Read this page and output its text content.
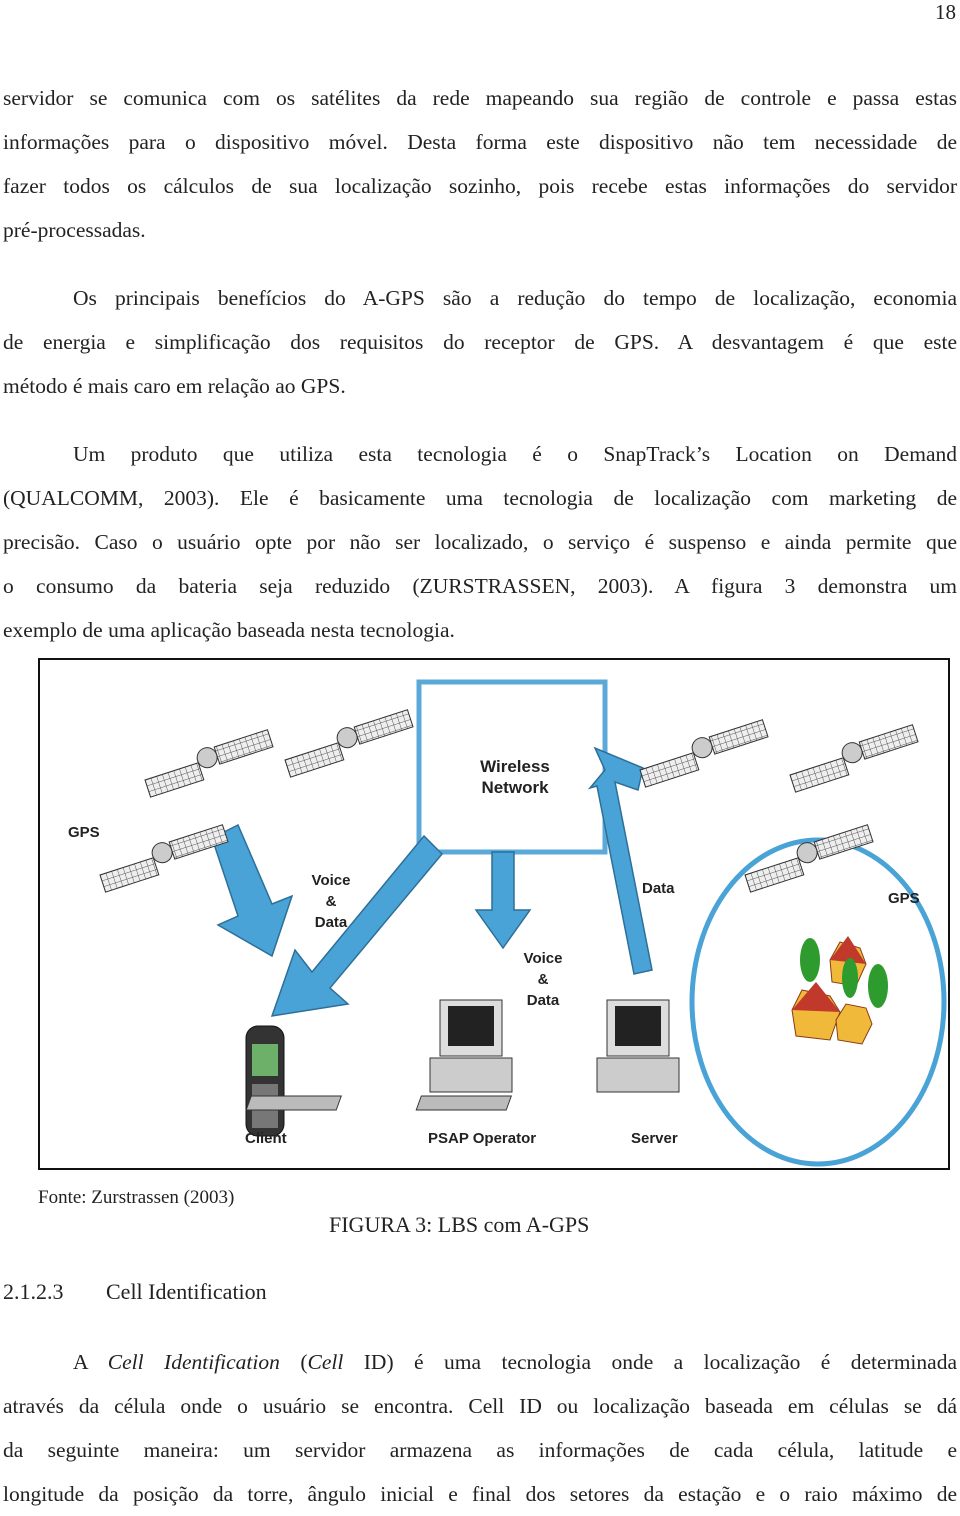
18
servidor se comunica com os satélites da rede mapeando sua região de controle e passa estas
informações para o dispositivo móvel. Desta forma este dispositivo não tem necessidade de
fazer todos os cálculos de sua localização sozinho, pois recebe estas informações do servidor
pré-processadas.
Os principais benefícios do A-GPS são a redução do tempo de localização, economia
de energia e simplificação dos requisitos do receptor de GPS. A desvantagem é que este
método é mais caro em relação ao GPS.
Um produto que utiliza esta tecnologia é o SnapTrack’s Location on Demand
(QUALCOMM, 2003). Ele é basicamente uma tecnologia de localização com marketing de
precisão. Caso o usuário opte por não ser localizado, o serviço é suspenso e ainda permite que
o consumo da bateria seja reduzido (ZURSTRASSEN, 2003). A figura 3 demonstra um
exemplo de uma aplicação baseada nesta tecnologia.
Wireless
Network
GPS
GPS
Voice
&
Data
Voice
&
Data
Data
Client	PSAP Operator	Server
Fonte: Zurstrassen (2003)
FIGURA 3: LBS com A-GPS
2.1.2.3 Cell Identification
A Cell Identification (Cell ID) é uma tecnologia onde a localização é determinada
através da célula onde o usuário se encontra. Cell ID ou localização baseada em células se dá
da seguinte maneira: um servidor armazena as informações de cada célula, latitude e
longitude da posição da torre, ângulo inicial e final dos setores da estação e o raio máximo de
